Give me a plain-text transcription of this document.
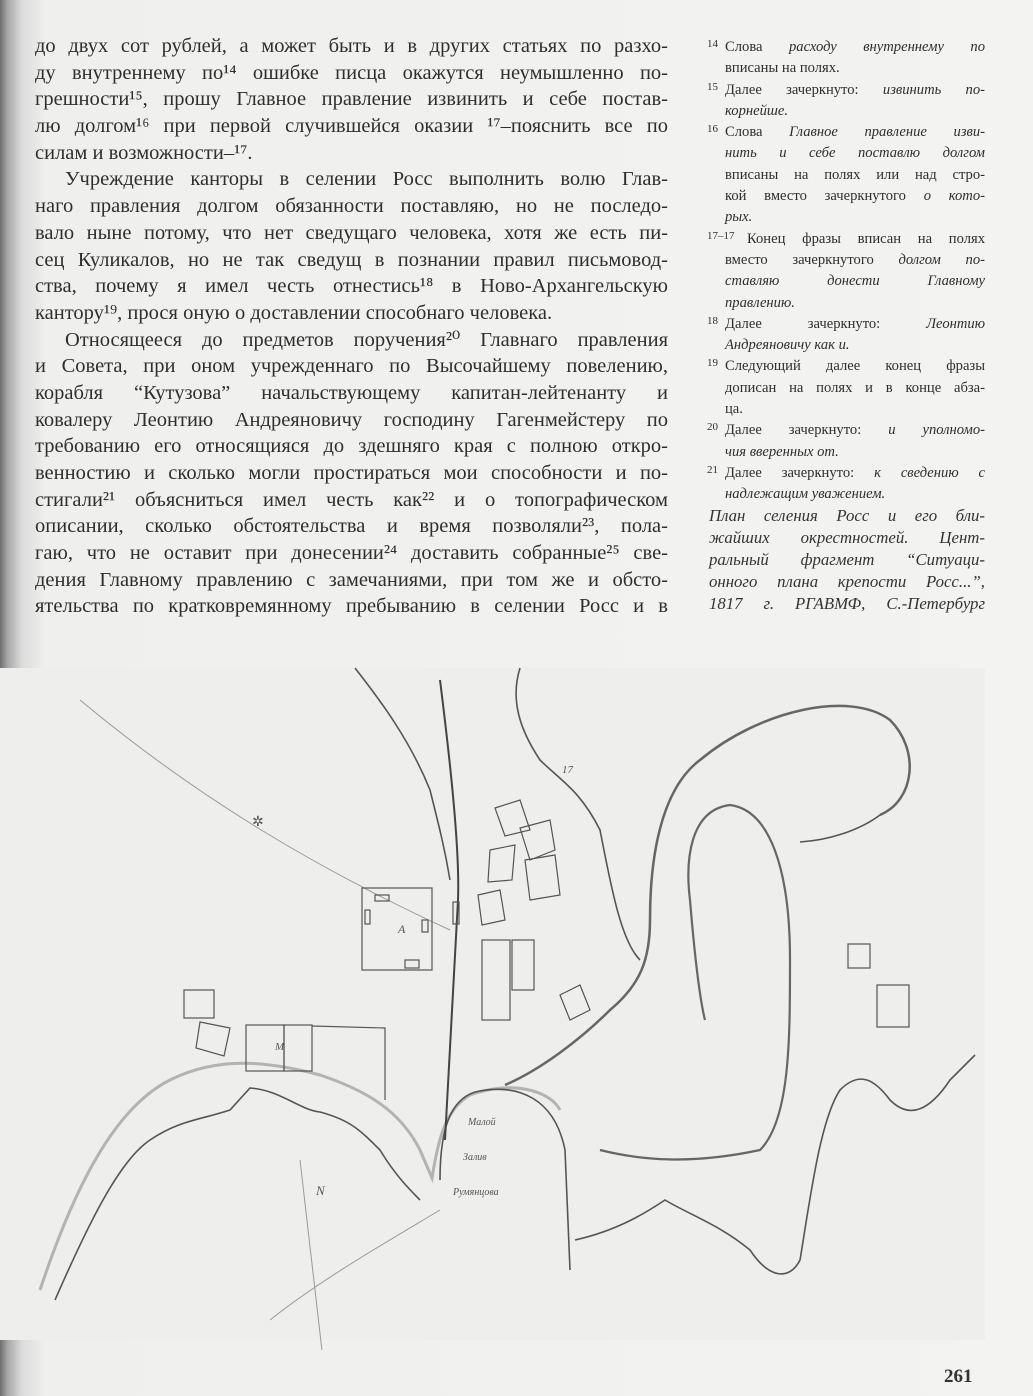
до двух сот рублей, а может быть и в других статьях по разхо-
ду внутреннему по¹⁴ ошибке писца окажутся неумышленно по-
грешности¹⁵, прошу Главное правление извинить и себе постав-
лю долгом¹⁶ при первой случившейся оказии ¹⁷–пояснить все по
силам и возможности–¹⁷.
Учреждение канторы в селении Росс выполнить волю Глав-
наго правления долгом обязанности поставляю, но не последо-
вало ныне потому, что нет сведущаго человека, хотя же есть пи-
сец Куликалов, но не так сведущ в познании правил письмовод-
ства, почему я имел честь отнестись¹⁸ в Ново-Архангельскую
кантору¹⁹, прося оную о доставлении способнаго человека.
Относящееся до предметов поручения²⁰ Главнаго правления
и Совета, при оном учрежденнаго по Высочайшему повелению,
корабля “Кутузова” начальствующему капитан-лейтенанту и
ковалеру Леонтию Андреяновичу господину Гагенмейстеру по
требованию его относящияся до здешняго края с полною откро-
венностию и сколько могли простираться мои способности и по-
стигали²¹ объясниться имел честь как²² и о топографическом
описании, сколько обстоятельства и время позволяли²³, пола-
гаю, что не оставит при донесении²⁴ доставить собранные²⁵ све-
дения Главному правлению с замечаниями, при том же и обсто-
ятельства по кратковремянному пребыванию в селении Росс и в
14 Слова расходу внутреннему по
вписаны на полях.
15 Далее зачеркнуто: извинить по-
корнейше.
16 Слова Главное правление изви-
нить и себе поставлю долгом
вписаны на полях или над стро-
кой вместо зачеркнутого о кото-
рых.
17–17 Конец фразы вписан на полях
вместо зачеркнутого долгом по-
ставляю донести Главному
правлению.
18 Далее зачеркнуто: Леонтию
Андреяновичу как и.
19 Следующий далее конец фразы
дописан на полях и в конце абза-
ца.
20 Далее зачеркнуто: и уполномо-
чия вверенных от.
21 Далее зачеркнуто: к сведению с
надлежащим уважением.
План селения Росс и его бли-
жайших окрестностей. Цент-
ральный фрагмент “Ситуаци-
онного плана крепости Росс...”,
1817 г. РГАВМФ, С.-Петербург
А
М
17
N
Малой
Залив
Румянцова
✲
261
